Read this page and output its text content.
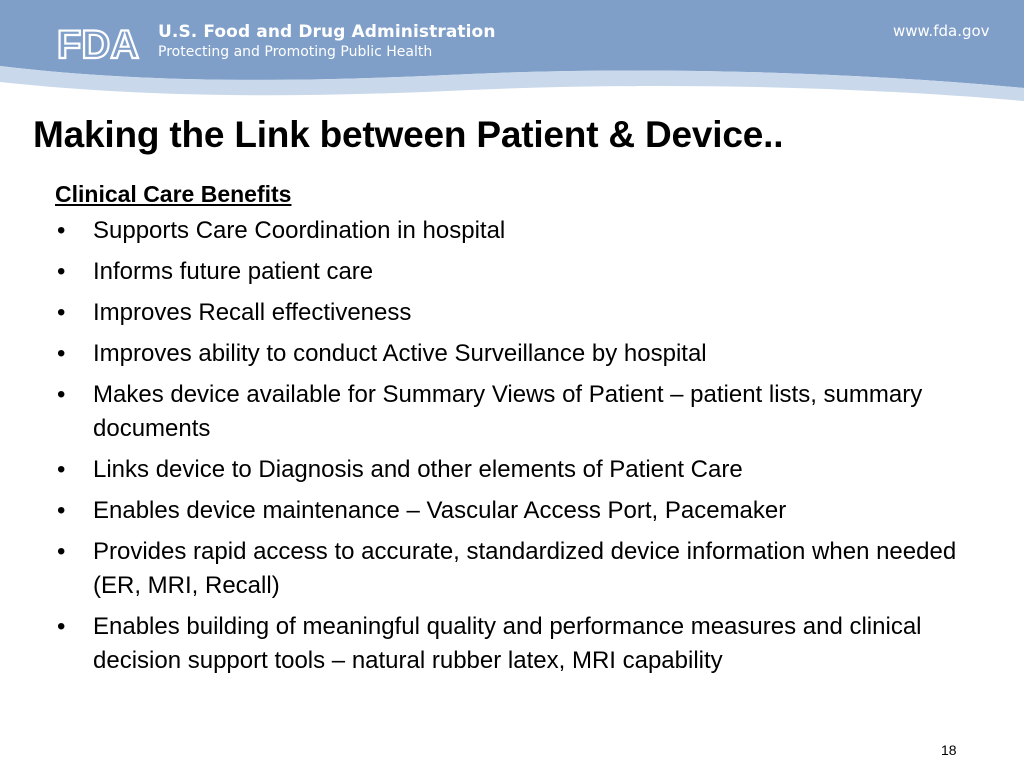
FDA U.S. Food and Drug Administration
Protecting and Promoting Public Health
www.fda.gov
Making the Link between Patient & Device..
Clinical Care Benefits
• Supports Care Coordination in hospital
• Informs future patient care
• Improves Recall effectiveness
• Improves ability to conduct Active Surveillance by hospital
• Makes device available for Summary Views of Patient – patient lists, summary documents
• Links device to Diagnosis and other elements of Patient Care
• Enables device maintenance – Vascular Access Port, Pacemaker
• Provides rapid access to accurate, standardized device information when needed (ER, MRI, Recall)
• Enables building of meaningful quality and performance measures and clinical decision support tools – natural rubber latex, MRI capability
18
